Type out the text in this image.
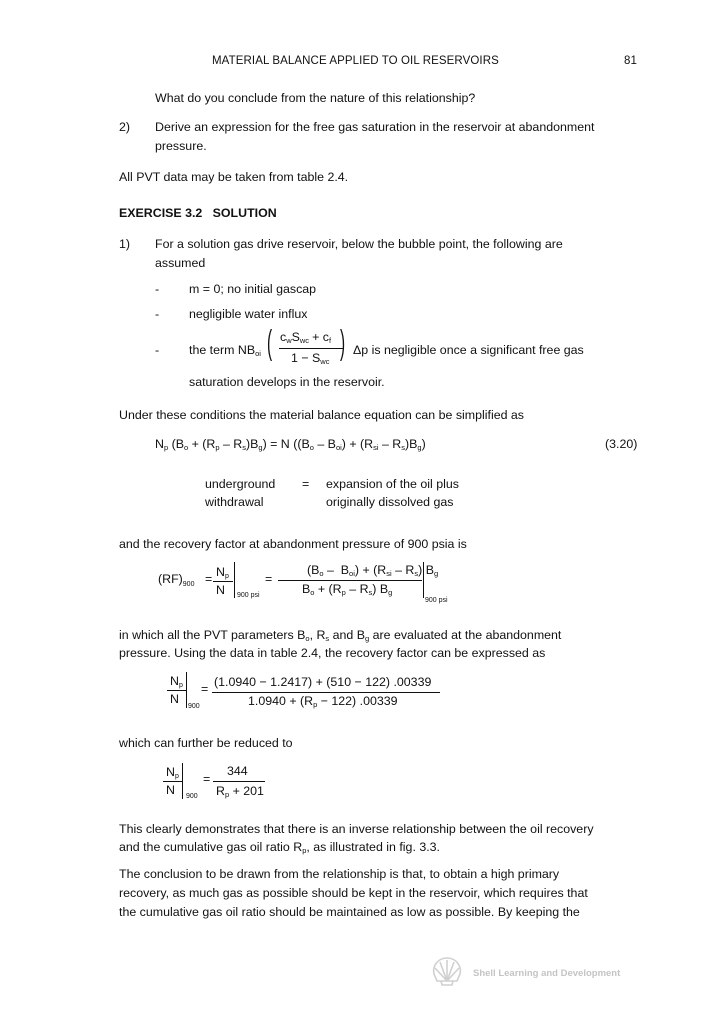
MATERIAL BALANCE APPLIED TO OIL RESERVOIRS	81
What do you conclude from the nature of this relationship?
2) Derive an expression for the free gas saturation in the reservoir at abandonment
pressure.
All PVT data may be taken from table 2.4.
EXERCISE 3.2   SOLUTION
1) For a solution gas drive reservoir, below the bubble point, the following are
assumed
- m = 0; no initial gascap
- negligible water influx
- the term $NB_{oi}$ ( $c_wS_{wc} + c_f$
$1 - S_{wc}$ ) Δp is negligible once a significant free gas
saturation develops in the reservoir.
Under these conditions the material balance equation can be simplified as
$N_p$ $(B_o + (R_p - R_s)B_g) = N$ $((B_o - B_{oi}) + (R_{si} - R_s)B_g)$	(3.20)
underground
withdrawal
= expansion of the oil plus
originally dissolved gas
and the recovery factor at abandonment pressure of 900 psia is
$(RF)_{900} = Np$
N 900 psi
=
$(B_o - B_{oi}) + (R_{si} - R_s)$ $B_g$
$B_o + (R_p - R_s)$ $B_g$
900 psi
in which all the PVT parameters $B_o$, $R_s$ and $B_g$ are evaluated at the abandonment
pressure. Using the data in table 2.4, the recovery factor can be expressed as
Np
N
900
= (1.0940 − 1.2417) + (510 − 122) .00339
$1.0940 + (R_p - 122)$ .00339
which can further be reduced to
Np
N 900
=
344
$R_p + 201$
This clearly demonstrates that there is an inverse relationship between the oil recovery
and the cumulative gas oil ratio $R_p$, as illustrated in fig. 3.3.
The conclusion to be drawn from the relationship is that, to obtain a high primary
recovery, as much gas as possible should be kept in the reservoir, which requires that
the cumulative gas oil ratio should be maintained as low as possible. By keeping the
Shell Learning and Development
